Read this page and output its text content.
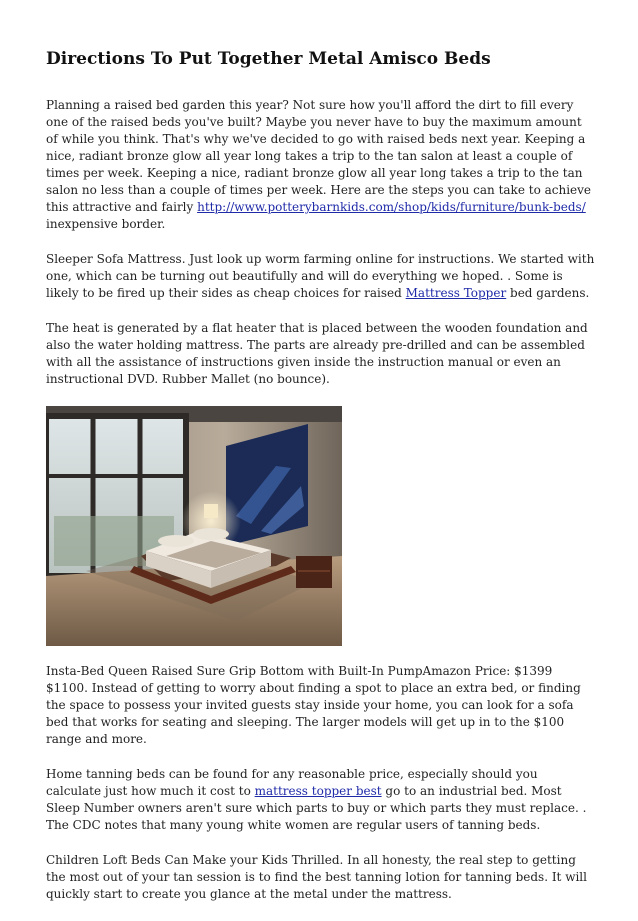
Directions To Put Together Metal Amisco Beds

Planning a raised bed garden this year? Not sure how you'll afford the dirt to fill every one of the raised beds you've built? Maybe you never have to buy the maximum amount of while you think. That's why we've decided to go with raised beds next year. Keeping a nice, radiant bronze glow all year long takes a trip to the tan salon at least a couple of times per week. Keeping a nice, radiant bronze glow all year long takes a trip to the tan salon no less than a couple of times per week. Here are the steps you can take to achieve this attractive and fairly http://www.potterybarnkids.com/shop/kids/furniture/bunk-beds/ inexpensive border.

Sleeper Sofa Mattress. Just look up worm farming online for instructions. We started with one, which can be turning out beautifully and will do everything we hoped. . Some is likely to be fired up their sides as cheap choices for raised Mattress Topper bed gardens.

The heat is generated by a flat heater that is placed between the wooden foundation and also the water holding mattress. The parts are already pre-drilled and can be assembled with all the assistance of instructions given inside the instruction manual or even an instructional DVD. Rubber Mallet (no bounce).

Insta-Bed Queen Raised Sure Grip Bottom with Built-In PumpAmazon Price: $1399 $1100. Instead of getting to worry about finding a spot to place an extra bed, or finding the space to possess your invited guests stay inside your home, you can look for a sofa bed that works for seating and sleeping. The larger models will get up in to the $100 range and more.

Home tanning beds can be found for any reasonable price, especially should you calculate just how much it cost to mattress topper best go to an industrial bed. Most Sleep Number owners aren't sure which parts to buy or which parts they must replace. . The CDC notes that many young white women are regular users of tanning beds.

Children Loft Beds Can Make your Kids Thrilled. In all honesty, the real step to getting the most out of your tan session is to find the best tanning lotion for tanning beds. It will quickly start to create you glance at the metal under the mattress.
